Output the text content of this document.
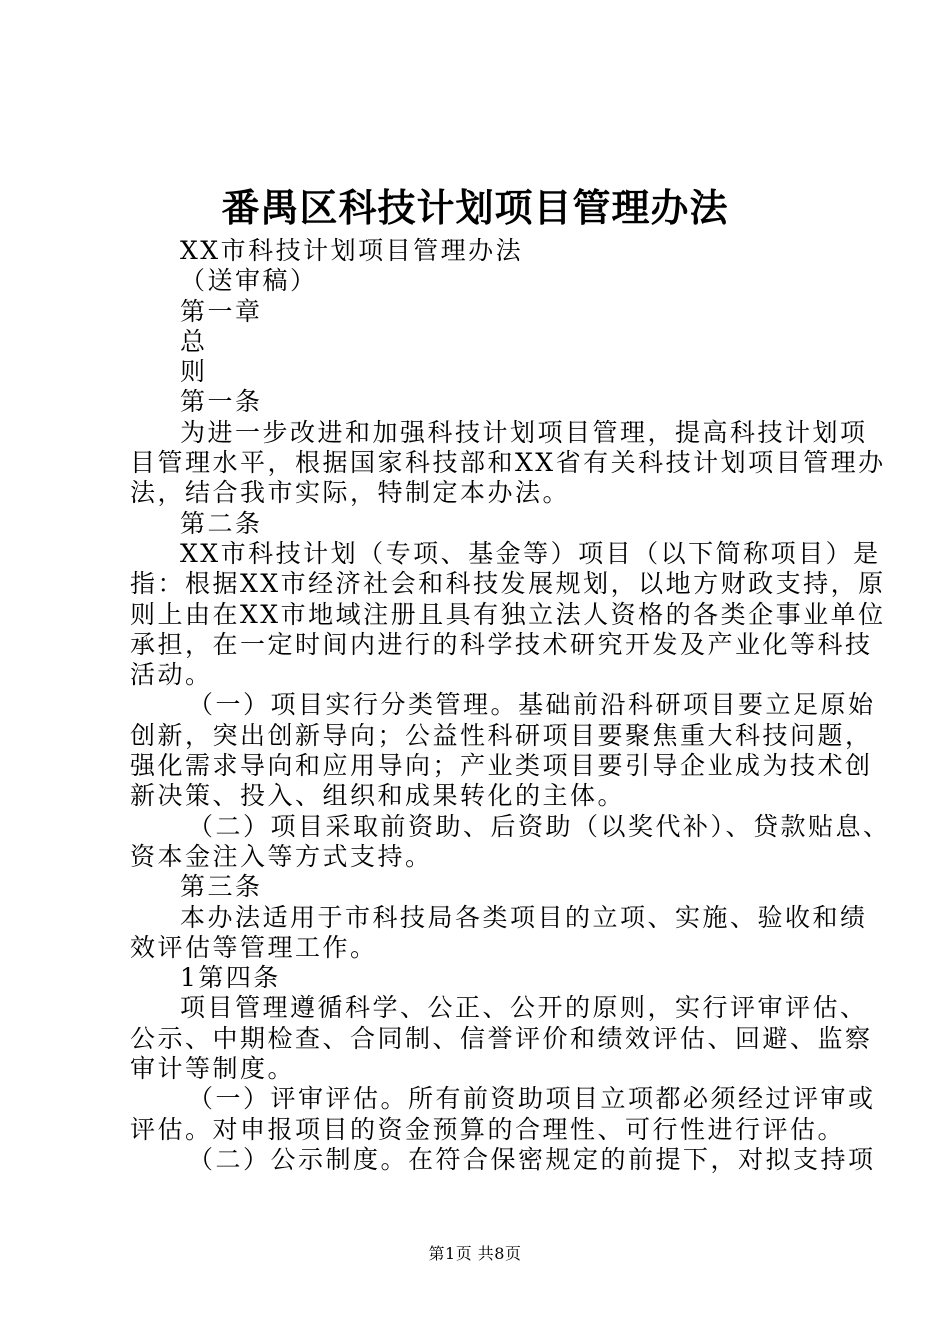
番禺区科技计划项目管理办法
XX市科技计划项目管理办法
（送审稿）
第一章
总
则
第一条
为进一步改进和加强科技计划项目管理，提高科技计划项
目管理水平，根据国家科技部和XX省有关科技计划项目管理办
法，结合我市实际，特制定本办法。
第二条
XX市科技计划（专项、基金等）项目（以下简称项目）是
指：根据XX市经济社会和科技发展规划，以地方财政支持，原
则上由在XX市地域注册且具有独立法人资格的各类企事业单位
承担，在一定时间内进行的科学技术研究开发及产业化等科技
活动。
（一）项目实行分类管理。基础前沿科研项目要立足原始
创新，突出创新导向；公益性科研项目要聚焦重大科技问题，
强化需求导向和应用导向；产业类项目要引导企业成为技术创
新决策、投入、组织和成果转化的主体。
（二）项目采取前资助、后资助（以奖代补）、贷款贴息、
资本金注入等方式支持。
第三条
本办法适用于市科技局各类项目的立项、实施、验收和绩
效评估等管理工作。
1第四条
项目管理遵循科学、公正、公开的原则，实行评审评估、
公示、中期检查、合同制、信誉评价和绩效评估、回避、监察
审计等制度。
（一）评审评估。所有前资助项目立项都必须经过评审或
评估。对申报项目的资金预算的合理性、可行性进行评估。
（二）公示制度。在符合保密规定的前提下，对拟支持项
第1页 共8页
